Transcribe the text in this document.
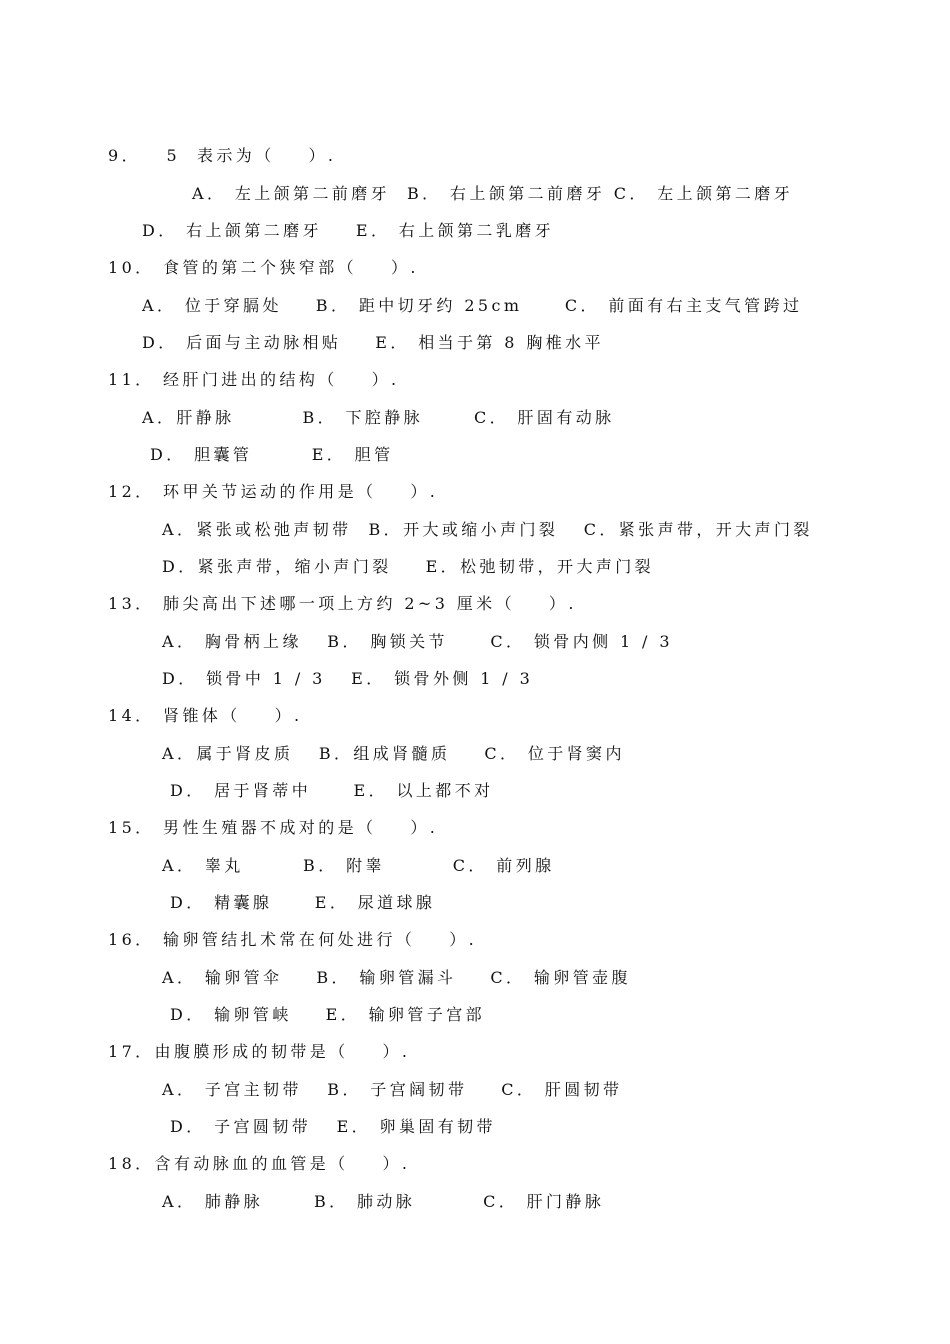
9．   5  表示为（    ）.
A． 左上颌第二前磨牙  B． 右上颌第二前磨牙 C． 左上颌第二磨牙
D． 右上颌第二磨牙    E． 右上颌第二乳磨牙
10． 食管的第二个狭窄部（    ）.
A． 位于穿膈处    B． 距中切牙约 25cm     C． 前面有右主支气管跨过
D． 后面与主动脉相贴    E． 相当于第 8 胸椎水平
11． 经肝门进出的结构（    ）.
A．肝静脉        B． 下腔静脉      C． 肝固有动脉
D． 胆囊管       E． 胆管
12． 环甲关节运动的作用是（    ）.
A．紧张或松弛声韧带  B．开大或缩小声门裂   C．紧张声带，开大声门裂
D．紧张声带，缩小声门裂    E．松弛韧带，开大声门裂
13． 肺尖高出下述哪一项上方约 2~3 厘米（    ）.
A． 胸骨柄上缘   B． 胸锁关节     C． 锁骨内侧 1 / 3
D． 锁骨中 1 / 3   E． 锁骨外侧 1 / 3
14． 肾锥体（    ）.
A．属于肾皮质   B．组成肾髓质    C． 位于肾窦内
D． 居于肾蒂中     E． 以上都不对
15． 男性生殖器不成对的是（    ）.
A． 睾丸       B． 附睾        C． 前列腺
D． 精囊腺     E． 尿道球腺
16． 输卵管结扎术常在何处进行（    ）.
A． 输卵管伞    B． 输卵管漏斗    C． 输卵管壶腹
D． 输卵管峡    E． 输卵管子宫部
17．由腹膜形成的韧带是（    ）.
A． 子宫主韧带   B． 子宫阔韧带    C． 肝圆韧带
D． 子宫圆韧带   E． 卵巢固有韧带
18．含有动脉血的血管是（    ）.
A． 肺静脉      B． 肺动脉        C． 肝门静脉
